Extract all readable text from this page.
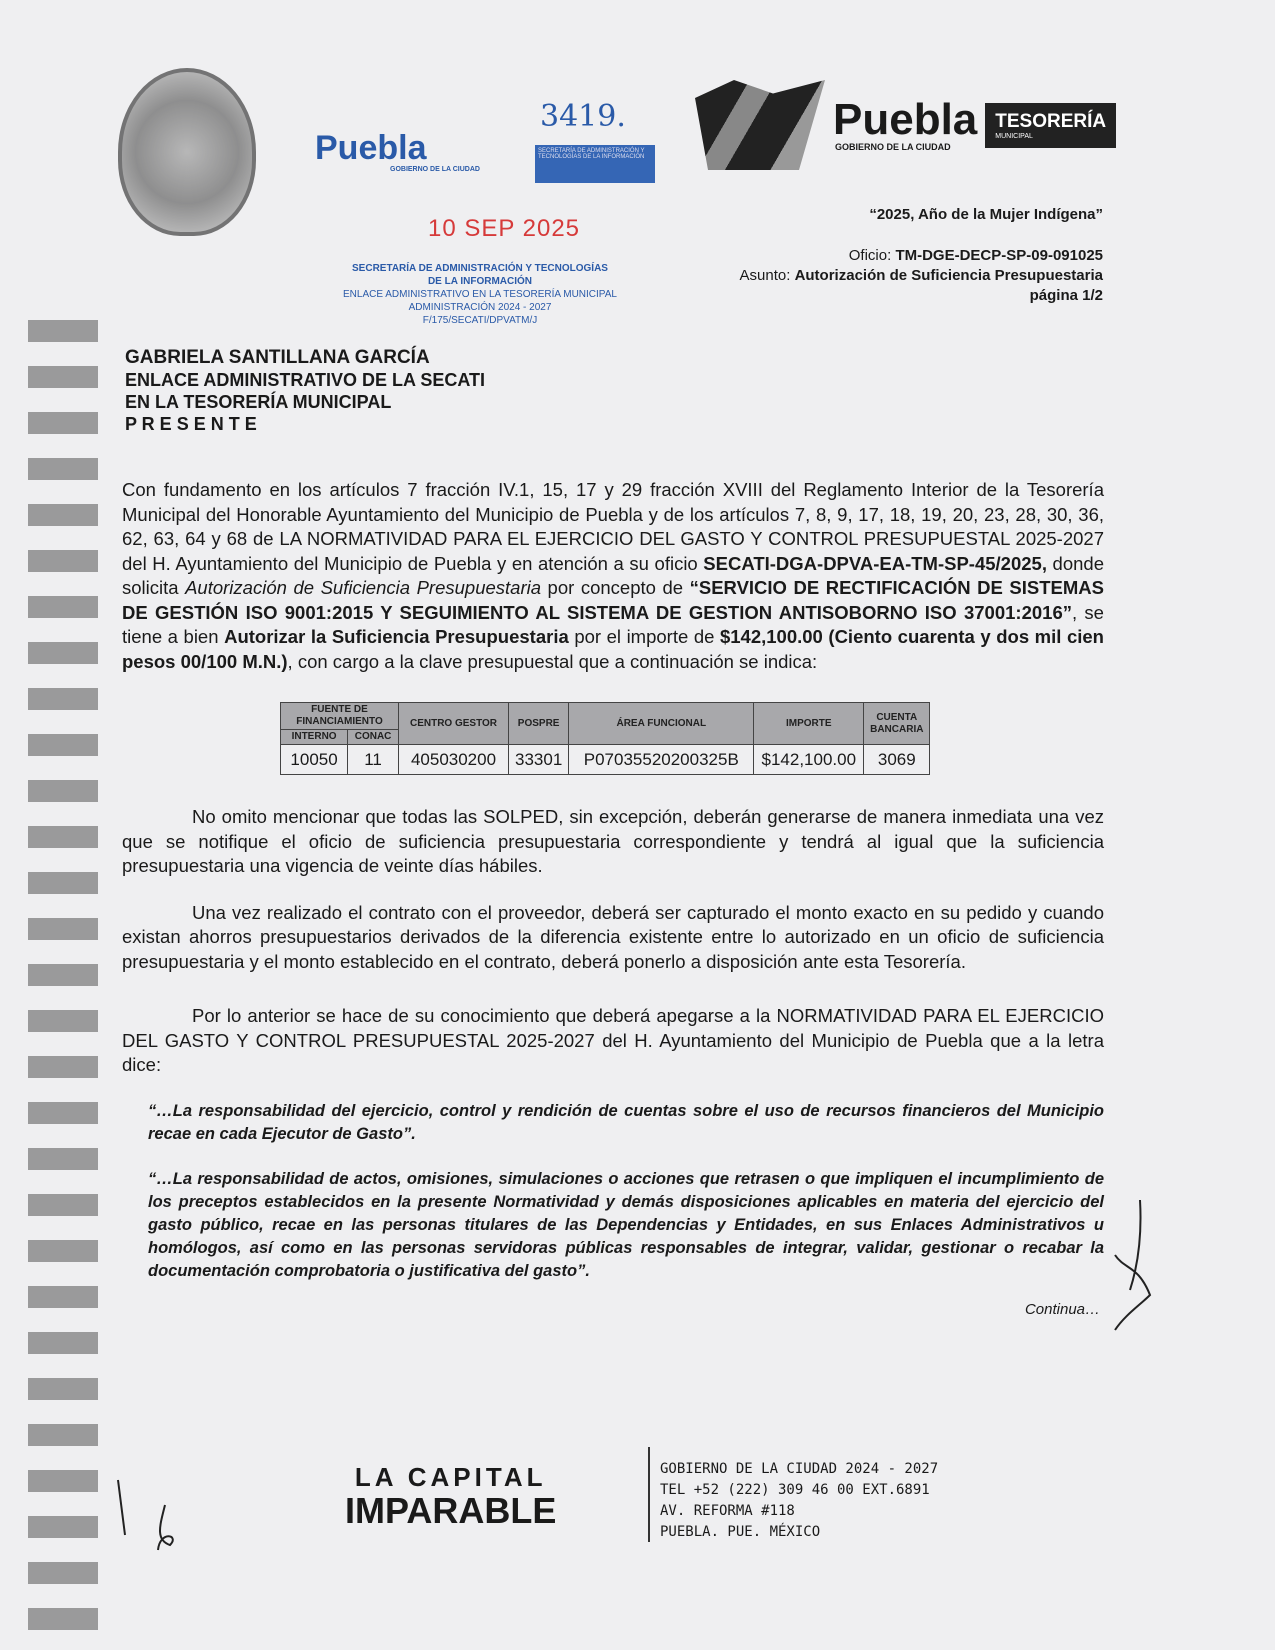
Puebla
GOBIERNO DE LA CIUDAD
SECRETARÍA DE ADMINISTRACIÓN Y TECNOLOGÍAS DE LA INFORMACIÓN
3419.
10 SEP 2025
SECRETARÍA DE ADMINISTRACIÓN Y TECNOLOGÍAS
DE LA INFORMACIÓN
ENLACE ADMINISTRATIVO EN LA TESORERÍA MUNICIPAL
ADMINISTRACIÓN 2024 - 2027
F/175/SECATI/DPVATM/J
Puebla
GOBIERNO DE LA CIUDAD
TESORERÍA
MUNICIPAL
“2025, Año de la Mujer Indígena”
Oficio: TM-DGE-DECP-SP-09-091025
Asunto: Autorización de Suficiencia Presupuestaria
página 1/2
GABRIELA SANTILLANA GARCÍA
ENLACE ADMINISTRATIVO DE LA SECATI
EN LA TESORERÍA MUNICIPAL
P R E S E N T E

Con fundamento en los artículos 7 fracción IV.1, 15, 17 y 29 fracción XVIII del Reglamento Interior de la Tesorería Municipal del Honorable Ayuntamiento del Municipio de Puebla y de los artículos 7, 8, 9, 17, 18, 19, 20, 23, 28, 30, 36, 62, 63, 64 y 68 de LA NORMATIVIDAD PARA EL EJERCICIO DEL GASTO Y CONTROL PRESUPUESTAL 2025-2027 del H. Ayuntamiento del Municipio de Puebla y en atención a su oficio SECATI-DGA-DPVA-EA-TM-SP-45/2025, donde solicita Autorización de Suficiencia Presupuestaria por concepto de “SERVICIO DE RECTIFICACIÓN DE SISTEMAS DE GESTIÓN ISO 9001:2015 Y SEGUIMIENTO AL SISTEMA DE GESTION ANTISOBORNO ISO 37001:2016”, se tiene a bien Autorizar la Suficiencia Presupuestaria por el importe de $142,100.00 (Ciento cuarenta y dos mil cien pesos 00/100 M.N.), con cargo a la clave presupuestal que a continuación se indica:

FUENTE DE FINANCIAMIENTO		CENTRO GESTOR	POSPRE	ÁREA FUNCIONAL	IMPORTE	CUENTA BANCARIA
INTERNO	CONAC					
10050	11	405030200	33301	P07035520200325B	$142,100.00	3069

No omito mencionar que todas las SOLPED, sin excepción, deberán generarse de manera inmediata una vez que se notifique el oficio de suficiencia presupuestaria correspondiente y tendrá al igual que la suficiencia presupuestaria una vigencia de veinte días hábiles.

Una vez realizado el contrato con el proveedor, deberá ser capturado el monto exacto en su pedido y cuando existan ahorros presupuestarios derivados de la diferencia existente entre lo autorizado en un oficio de suficiencia presupuestaria y el monto establecido en el contrato, deberá ponerlo a disposición ante esta Tesorería.

Por lo anterior se hace de su conocimiento que deberá apegarse a la NORMATIVIDAD PARA EL EJERCICIO DEL GASTO Y CONTROL PRESUPUESTAL 2025-2027 del H. Ayuntamiento del Municipio de Puebla que a la letra dice:

“…La responsabilidad del ejercicio, control y rendición de cuentas sobre el uso de recursos financieros del Municipio recae en cada Ejecutor de Gasto”.

“…La responsabilidad de actos, omisiones, simulaciones o acciones que retrasen o que impliquen el incumplimiento de los preceptos establecidos en la presente Normatividad y demás disposiciones aplicables en materia del ejercicio del gasto público, recae en las personas titulares de las Dependencias y Entidades, en sus Enlaces Administrativos u homólogos, así como en las personas servidoras públicas responsables de integrar, validar, gestionar o recabar la documentación comprobatoria o justificativa del gasto”.

Continua…
LA CAPITAL
IMPARABLE
GOBIERNO DE LA CIUDAD 2024 - 2027
TEL +52 (222) 309 46 00 EXT.6891
AV. REFORMA #118
PUEBLA. PUE. MÉXICO
